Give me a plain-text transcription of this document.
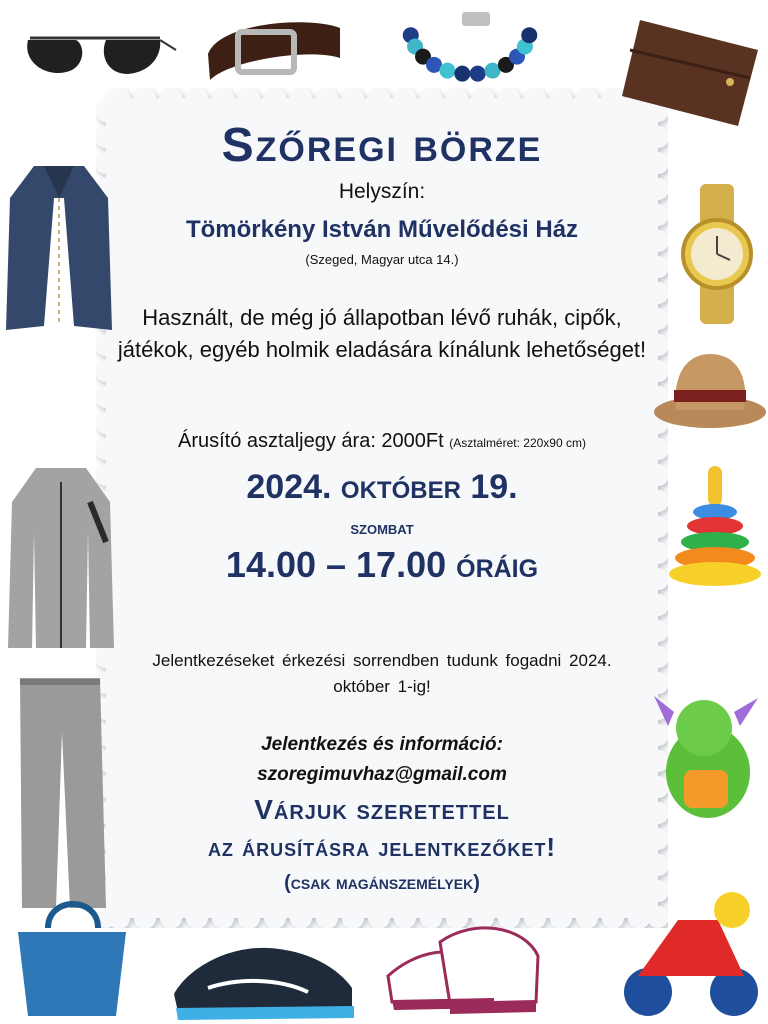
Szőregi börze
Helyszín:
Tömörkény István Művelődési Ház
(Szeged, Magyar utca 14.)
Használt, de még jó állapotban lévő ruhák, cipők, játékok, egyéb holmik eladására kínálunk lehetőséget!
Árusító asztaljegy ára: 2000Ft (Asztalméret: 220x90 cm)
2024. október 19.
szombat
14.00 – 17.00 óráig
Jelentkezéseket érkezési sorrendben tudunk fogadni 2024. október 1-ig!
Jelentkezés és információ:
szoregimuvhaz@gmail.com
Várjuk szeretettel
az árusításra jelentkezőket!
(csak magánszemélyek)
